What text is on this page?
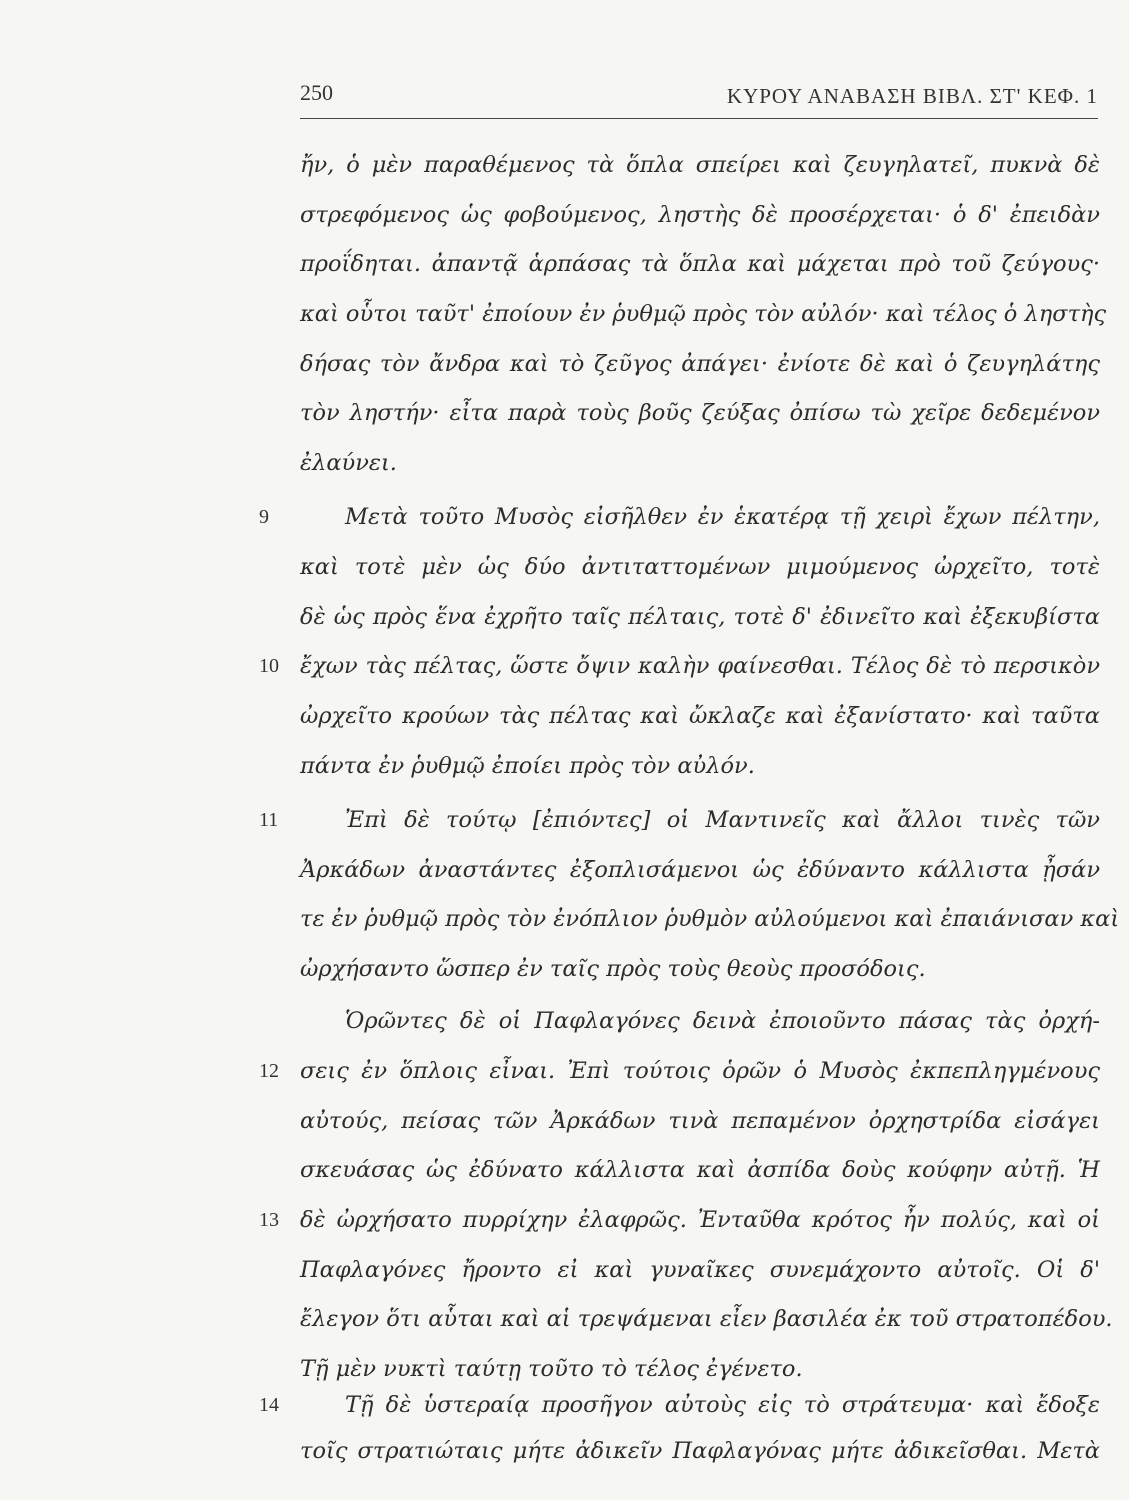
250	ΚΥΡΟΥ ΑΝΑΒΑΣΗ ΒΙΒΛ. ΣΤ' ΚΕΦ. 1
ἤν, ὁ μὲν παραθέμενος τὰ ὅπλα σπείρει καὶ ζευγηλατεῖ, πυκνὰ δὲ
στρεφόμενος ὡς φοβούμενος, ληστὴς δὲ προσέρχεται· ὁ δ' ἐπειδὰν
προΐδηται. ἀπαντᾷ ἁρπάσας τὰ ὅπλα καὶ μάχεται πρὸ τοῦ ζεύγους·
καὶ οὗτοι ταῦτ' ἐποίουν ἐν ῥυθμῷ πρὸς τὸν αὐλόν· καὶ τέλος ὁ ληστὴς
δήσας τὸν ἄνδρα καὶ τὸ ζεῦγος ἀπάγει· ἐνίοτε δὲ καὶ ὁ ζευγηλάτης
τὸν ληστήν· εἶτα παρὰ τοὺς βοῦς ζεύξας ὀπίσω τὼ χεῖρε δεδεμένον
ἐλαύνει.
9	Μετὰ τοῦτο Μυσὸς εἰσῆλθεν ἐν ἑκατέρᾳ τῇ χειρὶ ἔχων πέλτην,
καὶ τοτὲ μὲν ὡς δύο ἀντιταττομένων μιμούμενος ὠρχεῖτο, τοτὲ
δὲ ὡς πρὸς ἕνα ἐχρῆτο ταῖς πέλταις, τοτὲ δ' ἐδινεῖτο καὶ ἐξεκυβίστα
10 ἔχων τὰς πέλτας, ὥστε ὄψιν καλὴν φαίνεσθαι. Τέλος δὲ τὸ περσικὸν
ὠρχεῖτο κρούων τὰς πέλτας καὶ ὤκλαζε καὶ ἐξανίστατο· καὶ ταῦτα
πάντα ἐν ῥυθμῷ ἐποίει πρὸς τὸν αὐλόν.
11	Ἐπὶ δὲ τούτῳ [ἐπιόντες] οἱ Μαντινεῖς καὶ ἄλλοι τινὲς τῶν
Ἀρκάδων ἀναστάντες ἐξοπλισάμενοι ὡς ἐδύναντο κάλλιστα ᾖσάν
τε ἐν ῥυθμῷ πρὸς τὸν ἐνόπλιον ῥυθμὸν αὐλούμενοι καὶ ἐπαιάνισαν καὶ
ὠρχήσαντο ὥσπερ ἐν ταῖς πρὸς τοὺς θεοὺς προσόδοις.
Ὁρῶντες δὲ οἱ Παφλαγόνες δεινὰ ἐποιοῦντο πάσας τὰς ὀρχή-
12 σεις ἐν ὅπλοις εἶναι. Ἐπὶ τούτοις ὁρῶν ὁ Μυσὸς ἐκπεπληγμένους
αὐτούς, πείσας τῶν Ἀρκάδων τινὰ πεπαμένον ὀρχηστρίδα εἰσάγει
σκευάσας ὡς ἐδύνατο κάλλιστα καὶ ἀσπίδα δοὺς κούφην αὐτῇ. Ἡ
13 δὲ ὠρχήσατο πυρρίχην ἐλαφρῶς. Ἐνταῦθα κρότος ἦν πολύς, καὶ οἱ
Παφλαγόνες ἤροντο εἰ καὶ γυναῖκες συνεμάχοντο αὐτοῖς. Οἱ δ'
ἔλεγον ὅτι αὗται καὶ αἱ τρεψάμεναι εἶεν βασιλέα ἐκ τοῦ στρατοπέδου.
Τῇ μὲν νυκτὶ ταύτῃ τοῦτο τὸ τέλος ἐγένετο.
14	Τῇ δὲ ὑστεραίᾳ προσῆγον αὐτοὺς εἰς τὸ στράτευμα· καὶ ἔδοξε
τοῖς στρατιώταις μήτε ἀδικεῖν Παφλαγόνας μήτε ἀδικεῖσθαι. Μετὰ
